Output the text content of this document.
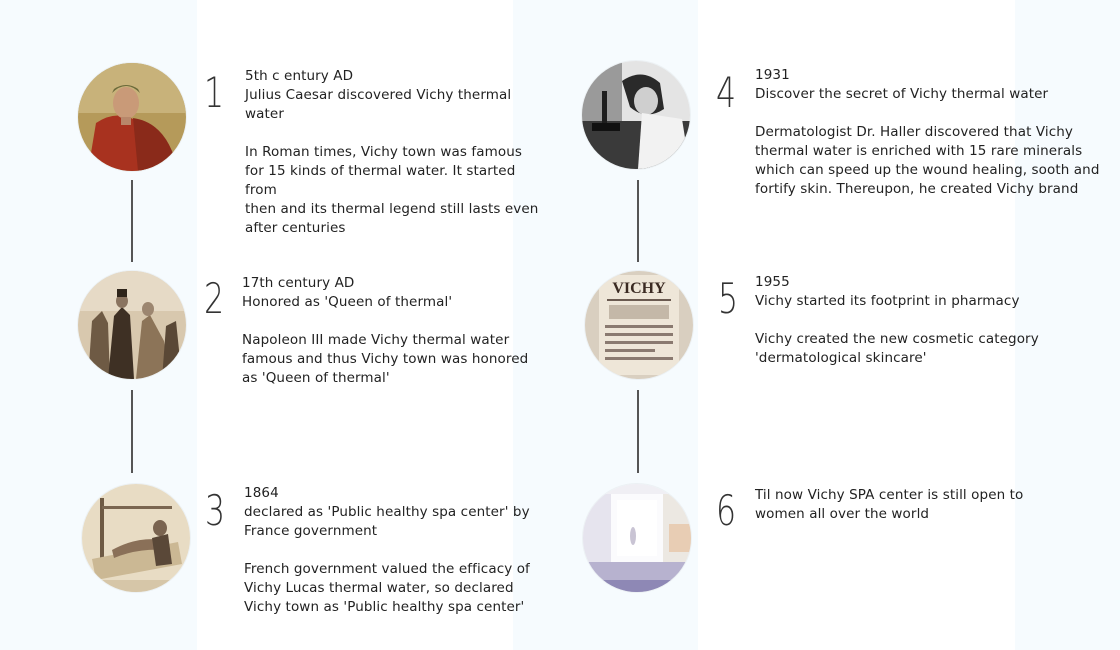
VICHY
1
2
3
4
5
6
5th c entury AD
Julius Caesar discovered Vichy thermal water
In Roman times, Vichy town was famous
for 15 kinds of thermal water. It started from
then and its thermal legend still lasts even
after centuries
17th century AD
Honored as 'Queen of thermal'
Napoleon III made Vichy thermal water
famous and thus Vichy town was honored
as 'Queen of thermal'
1864
declared as 'Public healthy spa center' by
France government
French government valued the efficacy of
Vichy Lucas thermal water, so declared
Vichy town as 'Public healthy spa center'
1931
Discover the secret of Vichy thermal water
Dermatologist Dr. Haller discovered that Vichy
thermal water is enriched with 15 rare minerals
which can speed up the wound healing, sooth and
fortify skin. Thereupon, he created Vichy brand
1955
Vichy started its footprint in pharmacy
Vichy created the new cosmetic category
'dermatological skincare'
Til now Vichy SPA center is still open to
women all over the world
